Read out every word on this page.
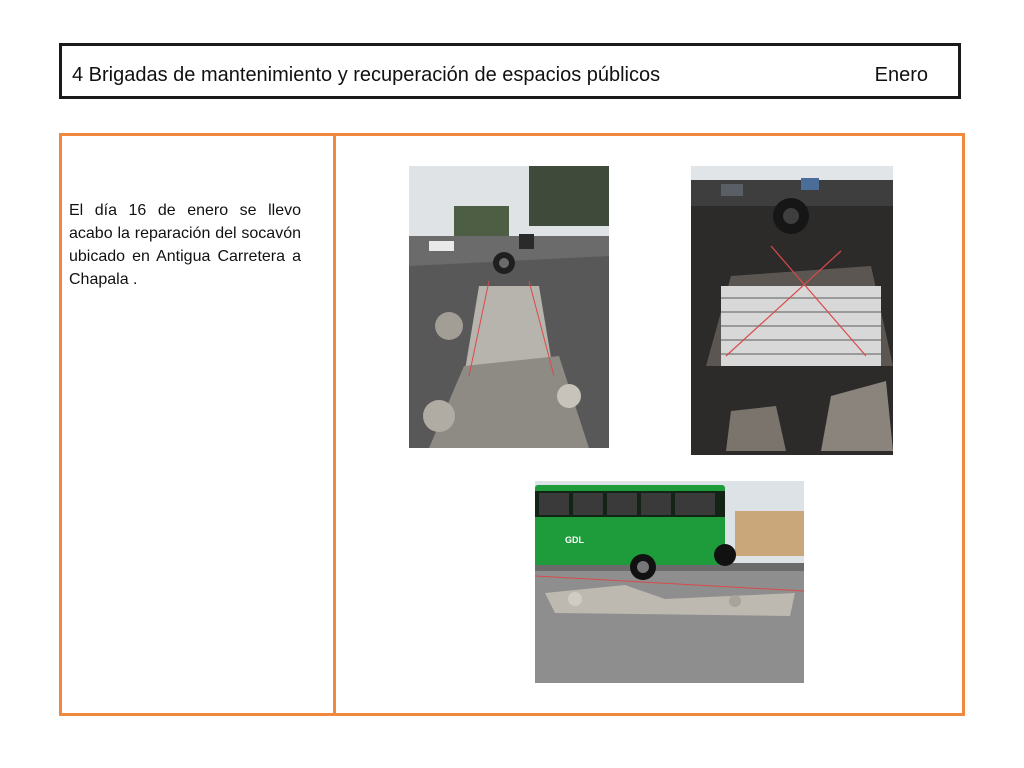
4 Brigadas de mantenimiento y recuperación de espacios públicos	Enero
El día 16 de enero se llevo acabo la reparación del socavón ubicado en Antigua Carretera a Chapala .
GDL
